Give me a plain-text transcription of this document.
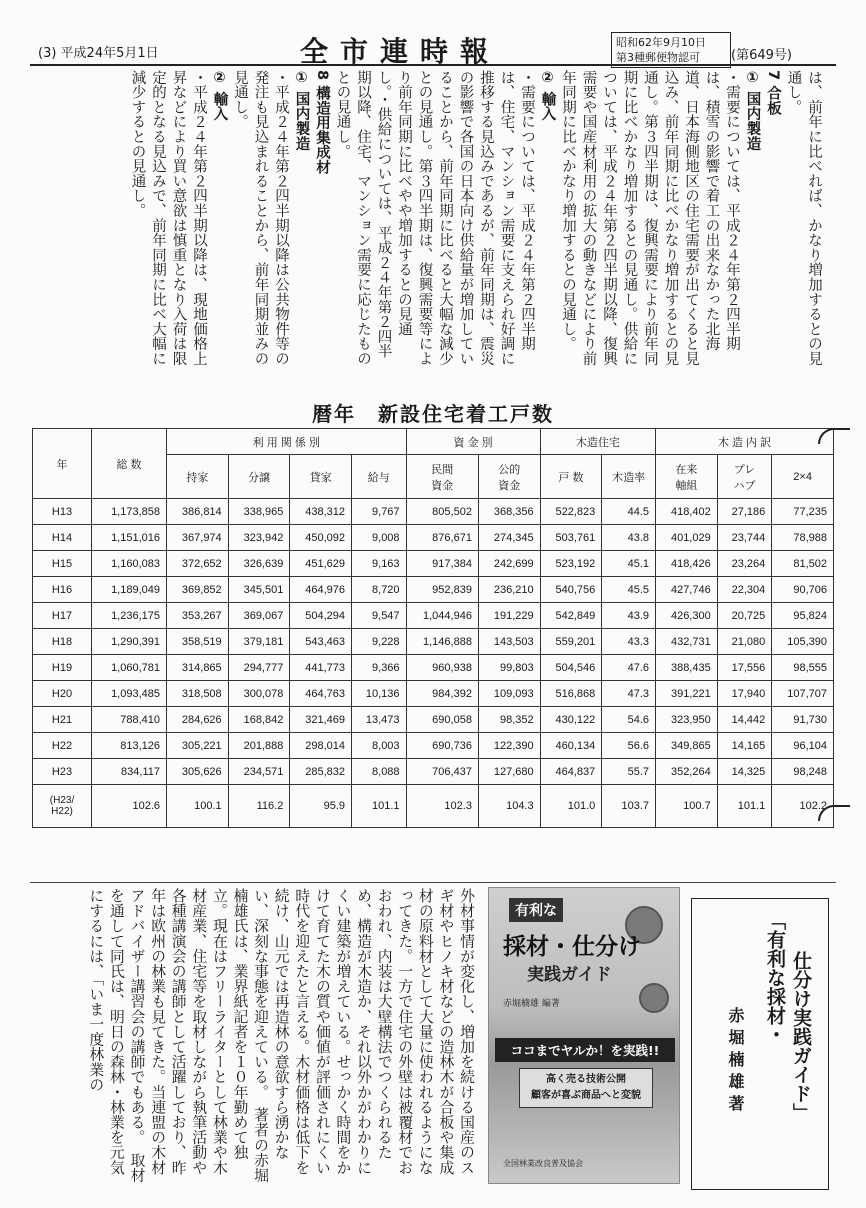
(3) 平成24年5月1日	全市連時報	昭和62年9月10日
第3種郵便物認可	(第649号)

は、前年に比べれば、かなり増加するとの見通し。

7 合板

① 国内製造

・需要については、平成２４年第２四半期は、積雪の影響で着工の出来なかった北海道、日本海側地区の住宅需要が出てくると見込み、前年同期に比べかなり増加するとの見通し。第３四半期は、復興需要により前年同期に比べかなり増加するとの見通し。供給については、平成２４年第２四半期以降、復興需要や国産材利用の拡大の動きなどにより前年同期に比べかなり増加するとの見通し。

② 輸入

・需要については、平成２４年第２四半期は、住宅、マンション需要に支えられ好調に推移する見込みであるが、前年同期は、震災の影響で各国の日本向け供給量が増加していることから、前年同期に比べると大幅な減少との見通し。第３四半期は、復興需要等により前年同期に比べやや増加するとの見通し。・供給については、平成２４年第２四半期以降、住宅、マンション需要に応じたものとの見通し。

8 構造用集成材

① 国内製造

・平成２４年第２四半期以降は公共物件等の発注も見込まれることから、前年同期並みの見通し。

② 輸入

・平成２４年第２四半期以降は、現地価格上昇などにより買い意欲は慎重となり入荷は限定的となる見込みで、前年同期に比べ大幅に減少するとの見通し。

暦年　新設住宅着工戸数
年	総 数	利 用 関 係 別				資 金 別		木造住宅		木 造 内 訳		
		持家	分譲	貸家	給与	民間
資金	公的
資金	戸 数	木造率	在来
軸組	プレ
ハブ	2×4
H13	1,173,858	386,814	338,965	438,312	9,767	805,502	368,356	522,823	44.5	418,402	27,186	77,235
H14	1,151,016	367,974	323,942	450,092	9,008	876,671	274,345	503,761	43.8	401,029	23,744	78,988
H15	1,160,083	372,652	326,639	451,629	9,163	917,384	242,699	523,192	45.1	418,426	23,264	81,502
H16	1,189,049	369,852	345,501	464,976	8,720	952,839	236,210	540,756	45.5	427,746	22,304	90,706
H17	1,236,175	353,267	369,067	504,294	9,547	1,044,946	191,229	542,849	43.9	426,300	20,725	95,824
H18	1,290,391	358,519	379,181	543,463	9,228	1,146,888	143,503	559,201	43.3	432,731	21,080	105,390
H19	1,060,781	314,865	294,777	441,773	9,366	960,938	99,803	504,546	47.6	388,435	17,556	98,555
H20	1,093,485	318,508	300,078	464,763	10,136	984,392	109,093	516,868	47.3	391,221	17,940	107,707
H21	788,410	284,626	168,842	321,469	13,473	690,058	98,352	430,122	54.6	323,950	14,442	91,730
H22	813,126	305,221	201,888	298,014	8,003	690,736	122,390	460,134	56.6	349,865	14,165	96,104
H23	834,117	305,626	234,571	285,832	8,088	706,437	127,680	464,837	55.7	352,264	14,325	98,248

(H23/
H22)	102.6	100.1	116.2	95.9	101.1	102.3	104.3	101.0	103.7	100.7	101.1	102.2

外材事情が変化し、増加を続ける国産のスギ材やヒノキ材などの造林木が合板や集成材の原料材として大量に使われるようになってきた。一方で住宅の外壁は被覆材でおおわれ、内装は大壁構法でつくられるため、構造が木造か、それ以外かがわかりにくい建築が増えている。せっかく時間をかけて育てた木の質や価値が評価されにくい時代を迎えたと言える。木材価格は低下を続け、山元では再造林の意欲すら湧かない、深刻な事態を迎えている。　著者の赤堀楠雄氏は、業界紙記者を１０年勤めて独立。現在はフリーライターとして林業や木材産業、住宅等を取材しながら執筆活動や各種講演会の講師として活躍しており、昨年は欧州の林業も見てきた。当連盟の木材アドバイザー講習会の講師でもある。　取材を通して同氏は、明日の森林・林業を元気にするには、「いま一度林業の	有利な
採材・仕分け
実践ガイド
赤堀楠雄 編著
ココまでヤルか！を実践!!
高く売る技術公開
顧客が喜ぶ商品へと変貌
全国林業改良普及協会
「有利な採材・ 仕分け実践ガイド」
赤堀楠雄著
